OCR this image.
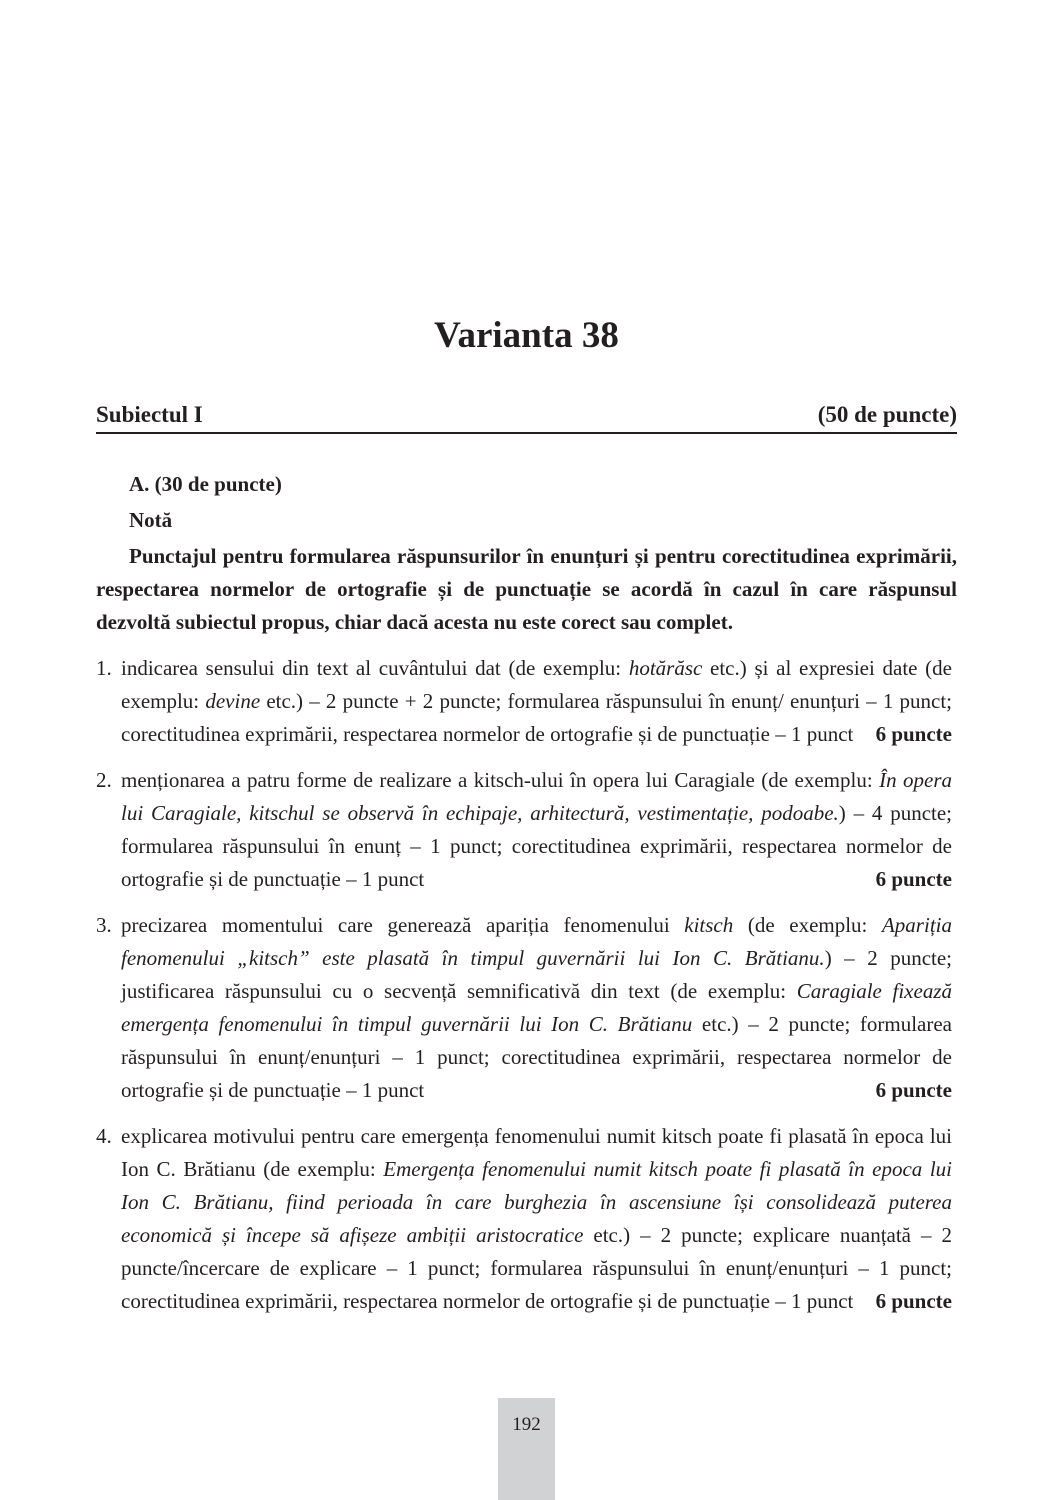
Varianta 38
Subiectul I	(50 de puncte)

A. (30 de puncte)

Notă

Punctajul pentru formularea răspunsurilor în enunțuri și pentru corectitudinea exprimării, respectarea normelor de ortografie și de punctuație se acordă în cazul în care răspunsul dezvoltă subiectul propus, chiar dacă acesta nu este corect sau complet.

1. indicarea sensului din text al cuvântului dat (de exemplu: hotărăsc etc.) și al expresiei date (de exemplu: devine etc.) – 2 puncte + 2 puncte; formularea răspunsului în enunț/ enunțuri – 1 punct; corectitudinea exprimării, respectarea normelor de ortografie și de punctuație – 1 punct 6 puncte
2. menționarea a patru forme de realizare a kitsch-ului în opera lui Caragiale (de exemplu: În opera lui Caragiale, kitschul se observă în echipaje, arhitectură, vestimentație, podoabe.) – 4 puncte; formularea răspunsului în enunț – 1 punct; corectitudinea exprimării, respectarea normelor de ortografie și de punctuație – 1 punct	6 puncte
3. precizarea momentului care generează apariția fenomenului kitsch (de exemplu: Apariția fenomenului „kitsch” este plasată în timpul guvernării lui Ion C. Brătianu.) – 2 puncte; justificarea răspunsului cu o secvență semnificativă din text (de exemplu: Caragiale fixează emergența fenomenului în timpul guvernării lui Ion C. Brătianu etc.) – 2 puncte; formularea răspunsului în enunț/enunțuri – 1 punct; corectitudinea exprimării, respectarea normelor de ortografie și de punctuație – 1 punct	6 puncte
4. explicarea motivului pentru care emergența fenomenului numit kitsch poate fi plasată în epoca lui Ion C. Brătianu (de exemplu: Emergența fenomenului numit kitsch poate fi plasată în epoca lui Ion C. Brătianu, fiind perioada în care burghezia în ascensiune își consolidează puterea economică și începe să afișeze ambiții aristocratice etc.) – 2 puncte; explicare nuanțată – 2 puncte/încercare de explicare – 1 punct; formularea răspunsului în enunț/enunțuri – 1 punct; corectitudinea exprimării, respectarea normelor de ortografie și de punctuație – 1 punct 6 puncte
192
